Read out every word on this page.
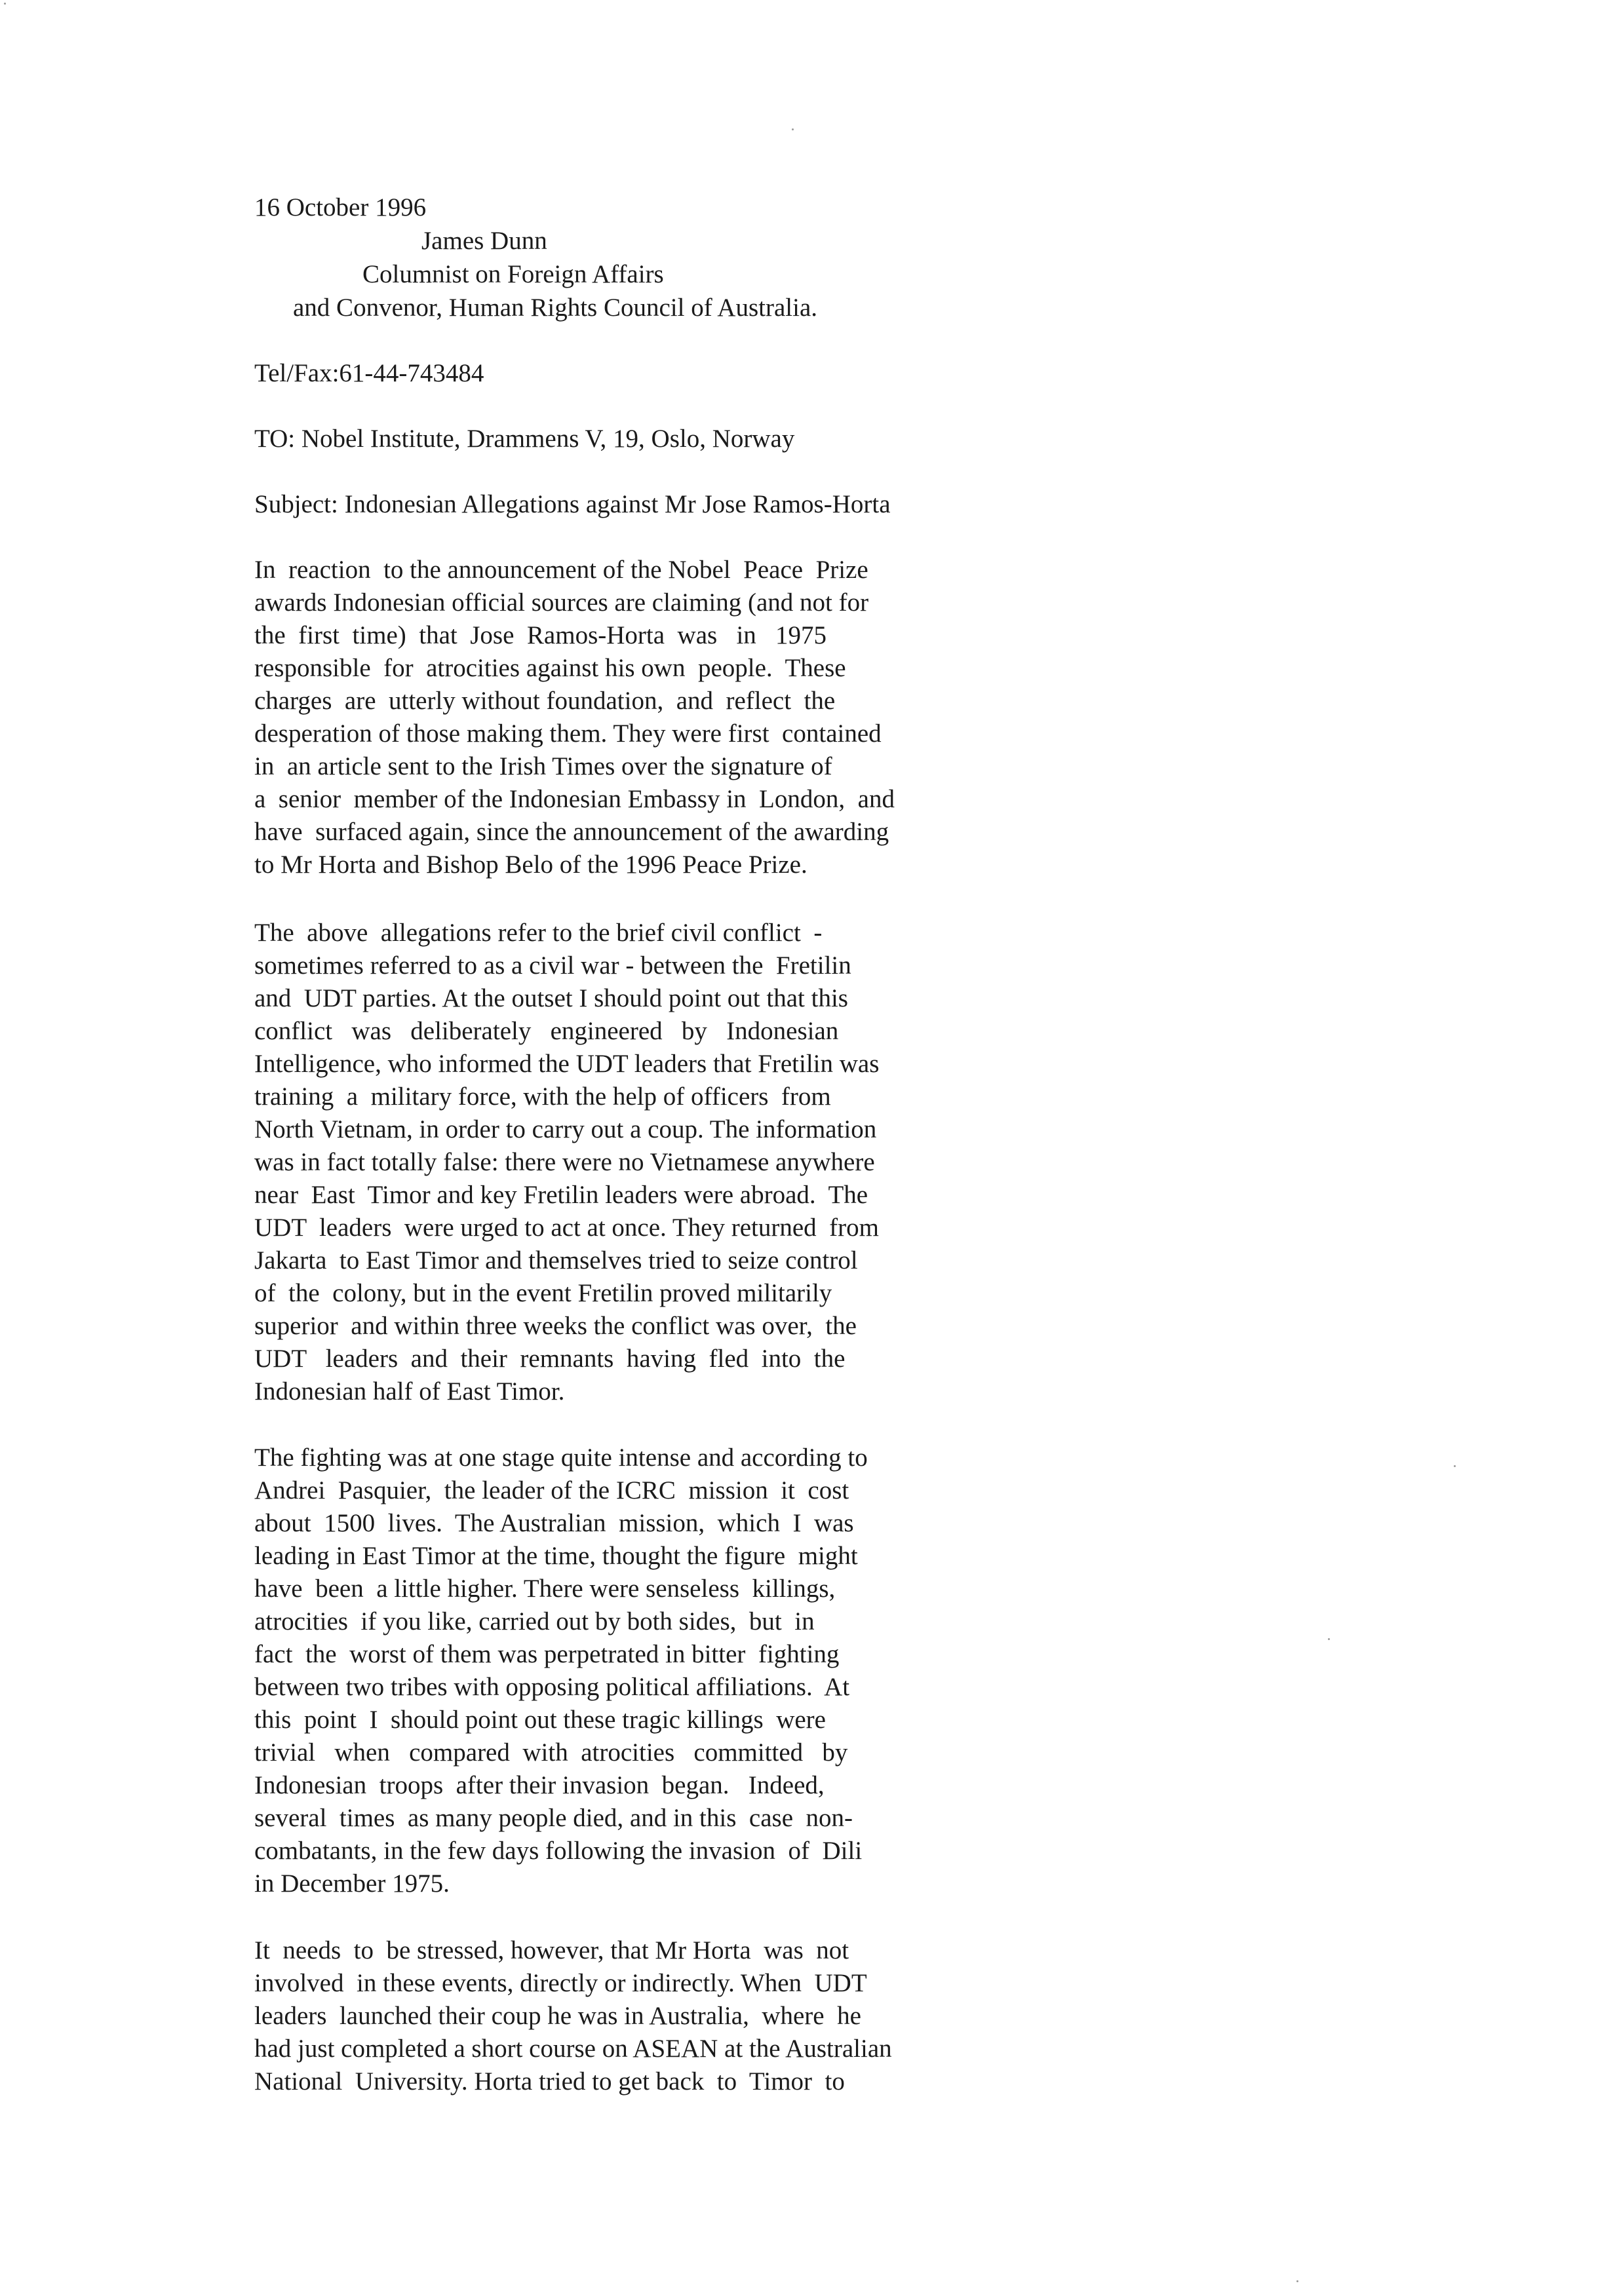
16 October 1996
James Dunn
Columnist on Foreign Affairs
and Convenor, Human Rights Council of Australia.
Tel/Fax:61-44-743484
TO: Nobel Institute, Drammens V, 19, Oslo, Norway
Subject: Indonesian Allegations against Mr Jose Ramos-Horta
In  reaction  to the announcement of the Nobel  Peace  Prize
awards Indonesian official sources are claiming (and not for
the  first  time)  that  Jose  Ramos-Horta  was   in   1975
responsible  for  atrocities against his own  people.  These
charges  are  utterly without foundation,  and  reflect  the
desperation of those making them. They were first  contained
in  an article sent to the Irish Times over the signature of
a  senior  member of the Indonesian Embassy in  London,  and
have  surfaced again, since the announcement of the awarding
to Mr Horta and Bishop Belo of the 1996 Peace Prize.
The  above  allegations refer to the brief civil conflict  -
sometimes referred to as a civil war - between the  Fretilin
and  UDT parties. At the outset I should point out that this
conflict   was   deliberately   engineered   by   Indonesian
Intelligence, who informed the UDT leaders that Fretilin was
training  a  military force, with the help of officers  from
North Vietnam, in order to carry out a coup. The information
was in fact totally false: there were no Vietnamese anywhere
near  East  Timor and key Fretilin leaders were abroad.  The
UDT  leaders  were urged to act at once. They returned  from
Jakarta  to East Timor and themselves tried to seize control
of  the  colony, but in the event Fretilin proved militarily
superior  and within three weeks the conflict was over,  the
UDT   leaders  and  their  remnants  having  fled  into  the
Indonesian half of East Timor.
The fighting was at one stage quite intense and according to
Andrei  Pasquier,  the leader of the ICRC  mission  it  cost
about  1500  lives.  The Australian  mission,  which  I  was
leading in East Timor at the time, thought the figure  might
have  been  a little higher. There were senseless  killings,
atrocities  if you like, carried out by both sides,  but  in
fact  the  worst of them was perpetrated in bitter  fighting
between two tribes with opposing political affiliations.  At
this  point  I  should point out these tragic killings  were
trivial   when   compared  with  atrocities   committed   by
Indonesian  troops  after their invasion  began.   Indeed,
several  times  as many people died, and in this  case  non-
combatants, in the few days following the invasion  of  Dili
in December 1975.
It  needs  to  be stressed, however, that Mr Horta  was  not
involved  in these events, directly or indirectly. When  UDT
leaders  launched their coup he was in Australia,  where  he
had just completed a short course on ASEAN at the Australian
National  University. Horta tried to get back  to  Timor  to
